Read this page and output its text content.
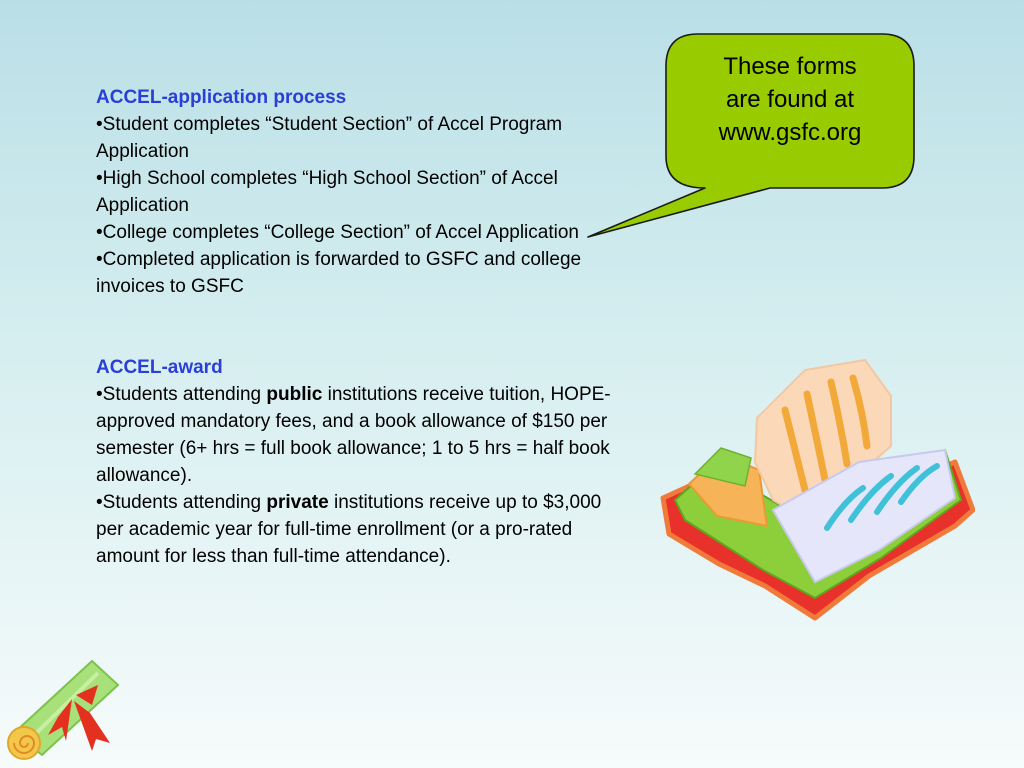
ACCEL-application process

•Student completes “Student Section” of Accel Program Application

•High School completes “High School Section” of Accel Application

•College completes “College Section” of Accel Application

•Completed application is forwarded to GSFC and college invoices to GSFC

ACCEL-award

•Students attending public institutions receive tuition, HOPE-approved mandatory fees, and a book allowance of $150 per semester (6+ hrs = full book allowance; 1 to 5 hrs = half book allowance).

•Students attending private institutions receive up to $3,000 per academic year for full-time enrollment (or a pro-rated amount for less than full-time attendance).

These forms
are found at
www.gsfc.org
